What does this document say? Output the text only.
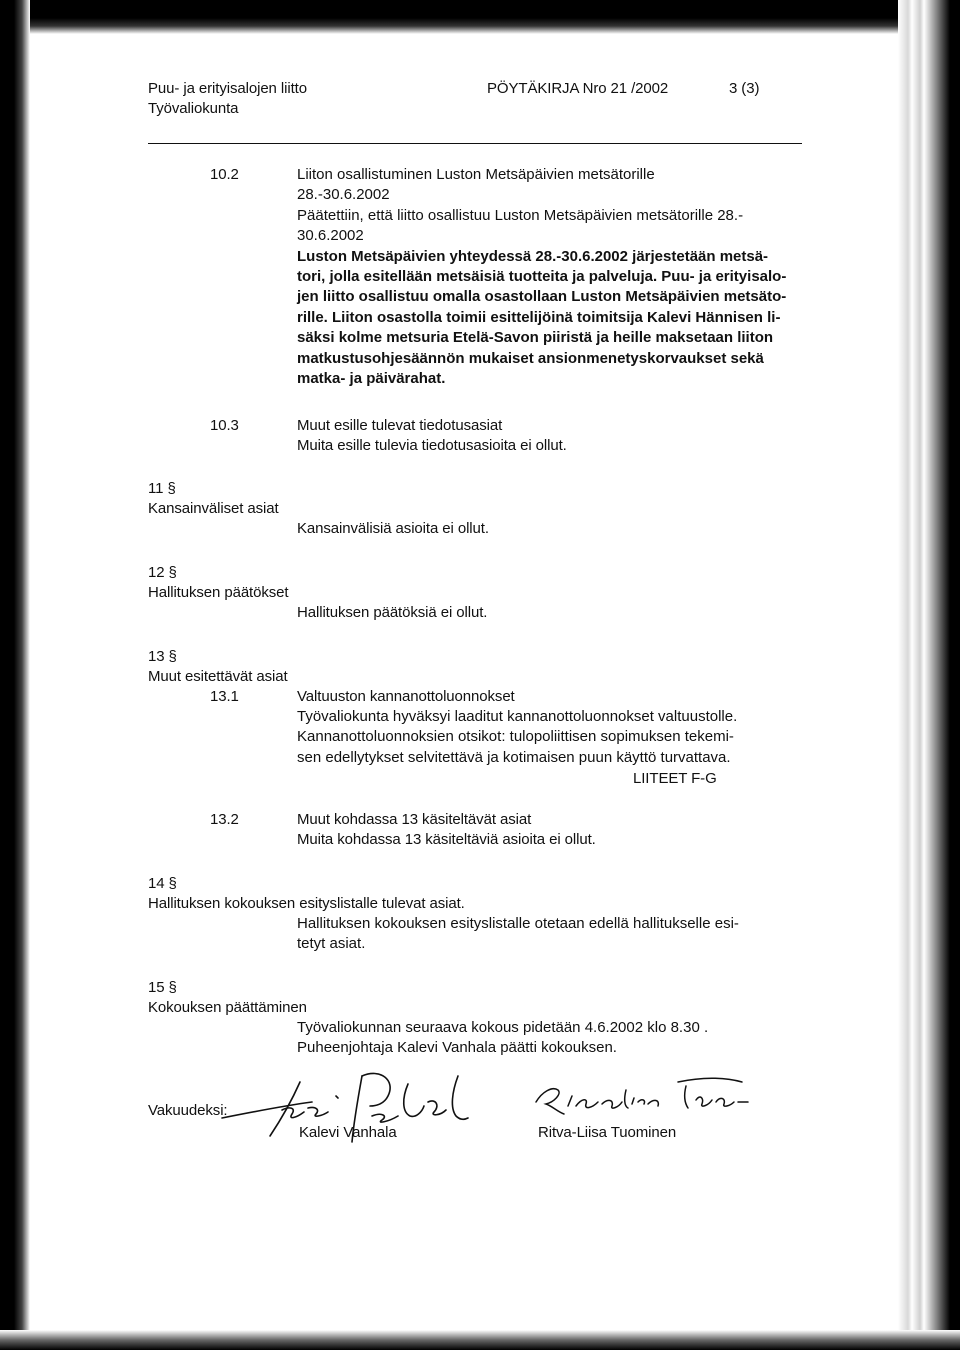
Puu- ja erityisalojen liitto
Työvaliokunta
PÖYTÄKIRJA Nro 21 /2002	3 (3)
10.2	Liiton osallistuminen Luston Metsäpäivien metsätorille
28.-30.6.2002
Päätettiin, että liitto osallistuu Luston Metsäpäivien metsätorille 28.-
30.6.2002
Luston Metsäpäivien yhteydessä 28.-30.6.2002 järjestetään metsä-
tori, jolla esitellään metsäisiä tuotteita ja palveluja. Puu- ja erityisalo-
jen liitto osallistuu omalla osastollaan Luston Metsäpäivien metsäto-
rille. Liiton osastolla toimii esittelijöinä toimitsija Kalevi Hännisen li-
säksi kolme metsuria Etelä-Savon piiristä ja heille maksetaan liiton
matkustusohjesäännön mukaiset ansionmenetyskorvaukset sekä
matka- ja päivärahat.
10.3	Muut esille tulevat tiedotusasiat
Muita esille tulevia tiedotusasioita ei ollut.
11 §
Kansainväliset asiat
Kansainvälisiä asioita ei ollut.
12 §
Hallituksen päätökset
Hallituksen päätöksiä ei ollut.
13 §
Muut esitettävät asiat
13.1	Valtuuston kannanottoluonnokset
Työvaliokunta hyväksyi laaditut kannanottoluonnokset valtuustolle.
Kannanottoluonnoksien otsikot: tulopoliittisen sopimuksen tekemi-
sen edellytykset selvitettävä ja kotimaisen puun käyttö turvattava.
LIITEET F-G
13.2	Muut kohdassa 13 käsiteltävät asiat
Muita kohdassa 13 käsiteltäviä asioita ei ollut.
14 §
Hallituksen kokouksen esityslistalle tulevat asiat.
Hallituksen kokouksen esityslistalle otetaan edellä hallitukselle esi-
tetyt asiat.
15 §
Kokouksen päättäminen
Työvaliokunnan seuraava kokous pidetään 4.6.2002 klo 8.30 .
Puheenjohtaja Kalevi Vanhala päätti kokouksen.
Vakuudeksi:
Kalevi Vanhala	Ritva-Liisa Tuominen
